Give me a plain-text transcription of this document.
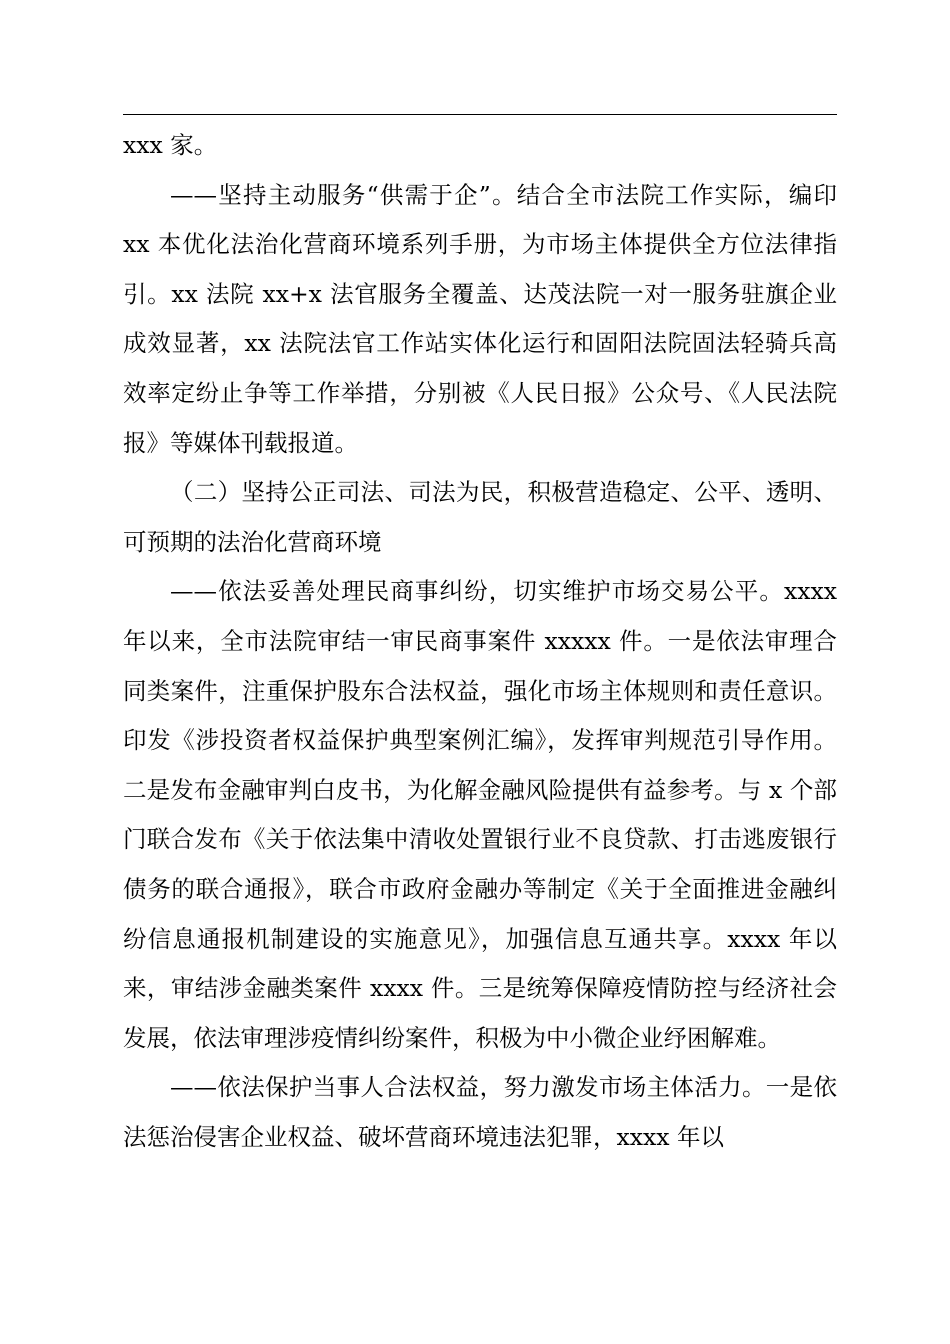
xxx 家。

——坚持主动服务“供需于企”。结合全市法院工作实际，编印 xx 本优化法治化营商环境系列手册，为市场主体提供全方位法律指引。xx 法院 xx+x 法官服务全覆盖、达茂法院一对一服务驻旗企业成效显著，xx 法院法官工作站实体化运行和固阳法院固法轻骑兵高效率定纷止争等工作举措，分别被《人民日报》公众号、《人民法院报》等媒体刊载报道。

（二）坚持公正司法、司法为民，积极营造稳定、公平、透明、可预期的法治化营商环境

——依法妥善处理民商事纠纷，切实维护市场交易公平。xxxx 年以来，全市法院审结一审民商事案件 xxxxx 件。一是依法审理合同类案件，注重保护股东合法权益，强化市场主体规则和责任意识。印发《涉投资者权益保护典型案例汇编》，发挥审判规范引导作用。二是发布金融审判白皮书，为化解金融风险提供有益参考。与 x 个部门联合发布《关于依法集中清收处置银行业不良贷款、打击逃废银行债务的联合通报》，联合市政府金融办等制定《关于全面推进金融纠纷信息通报机制建设的实施意见》，加强信息互通共享。xxxx 年以来，审结涉金融类案件 xxxx 件。三是统筹保障疫情防控与经济社会发展，依法审理涉疫情纠纷案件，积极为中小微企业纾困解难。

——依法保护当事人合法权益，努力激发市场主体活力。一是依法惩治侵害企业权益、破坏营商环境违法犯罪，xxxx 年以
